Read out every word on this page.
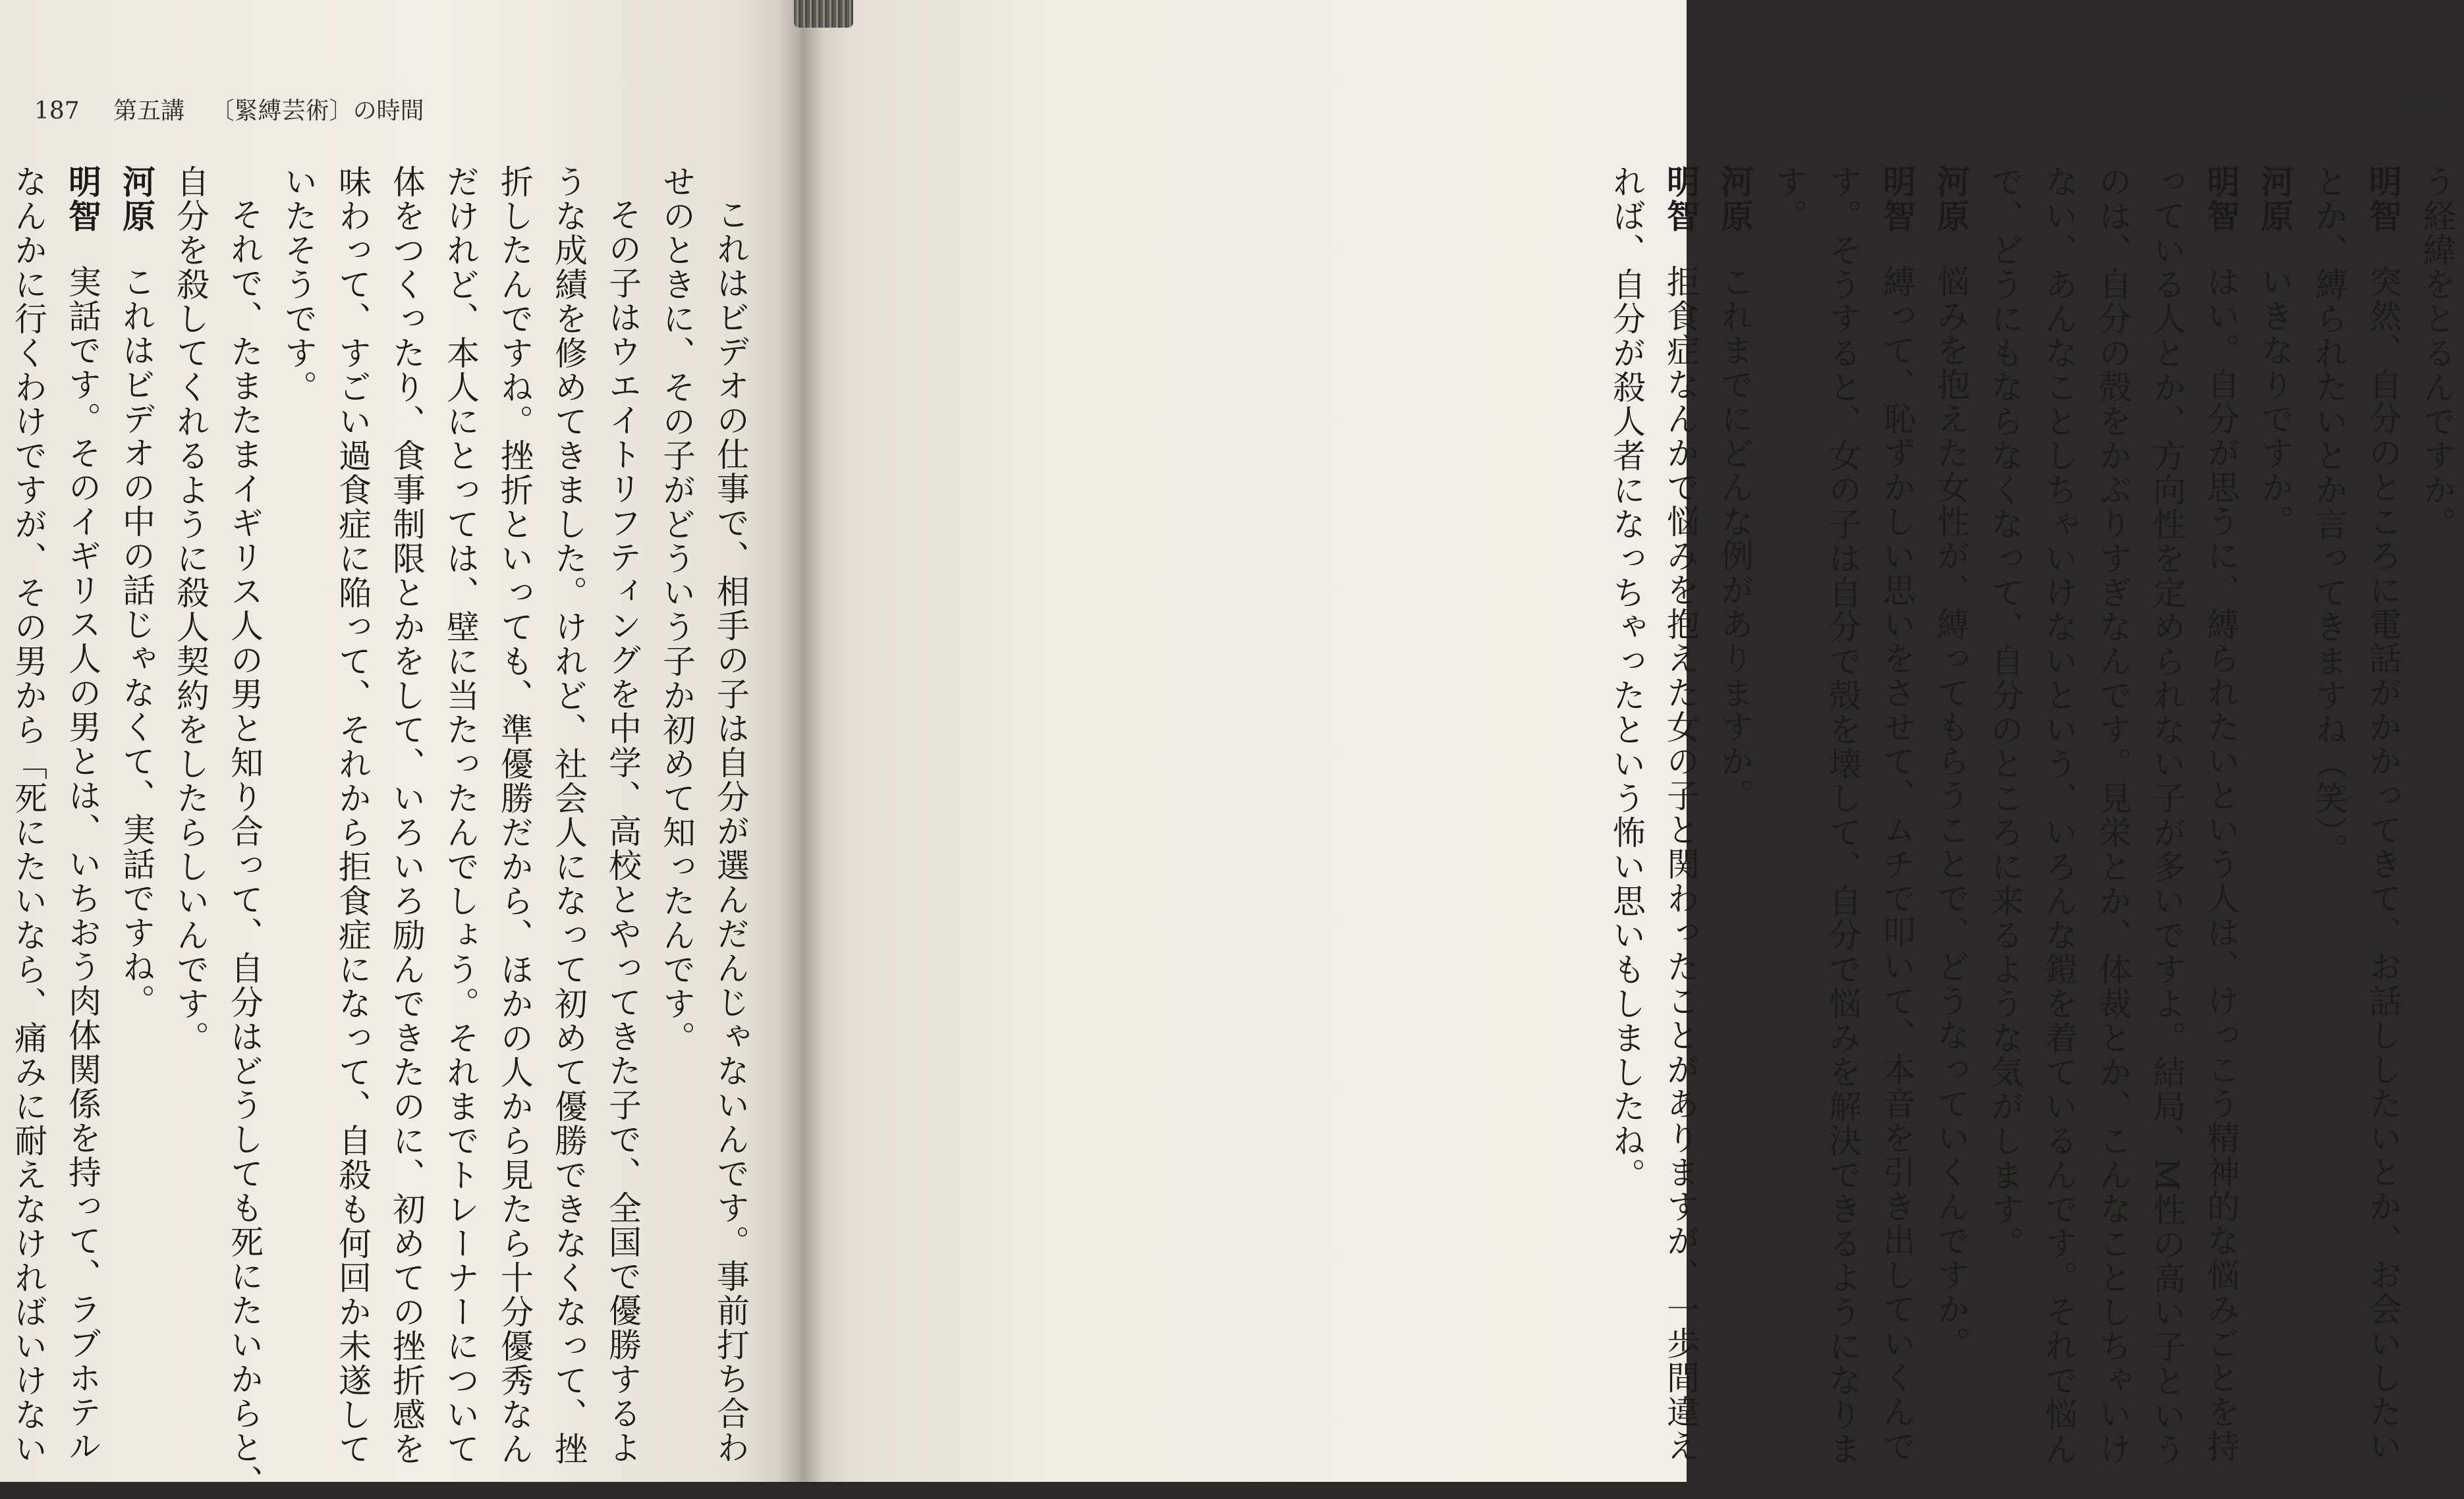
187 第五講 〔緊縛芸術〕の時間
これはビデオの仕事で、相手の子は自分が選んだんじゃないんです。事前打ち合わ
せのときに、その子がどういう子か初めて知ったんです。
その子はウエイトリフティングを中学、高校とやってきた子で、全国で優勝するよ
うな成績を修めてきました。けれど、社会人になって初めて優勝できなくなって、挫
折したんですね。挫折といっても、準優勝だから、ほかの人から見たら十分優秀なん
だけれど、本人にとっては、壁に当たったんでしょう。それまでトレーナーについて
体をつくったり、食事制限とかをして、いろいろ励んできたのに、初めての挫折感を
味わって、すごい過食症に陥って、それから拒食症になって、自殺も何回か未遂して
いたそうです。
それで、たまたまイギリス人の男と知り合って、自分はどうしても死にたいからと、
自分を殺してくれるように殺人契約をしたらしいんです。
河原これはビデオの中の話じゃなくて、実話ですね。
明智実話です。そのイギリス人の男とは、いちおう肉体関係を持って、ラブホテル
なんかに行くわけですが、その男から「死にたいなら、痛みに耐えなければいけない
186
う経緯をとるんですか。
明智突然、自分のところに電話がかかってきて、お話ししたいとか、お会いしたい
とか、縛られたいとか言ってきますね（笑）。
河原いきなりですか。
明智はい。自分が思うに、縛られたいという人は、けっこう精神的な悩みごとを持
っている人とか、方向性を定められない子が多いですよ。結局、M性の高い子という
のは、自分の殻をかぶりすぎなんです。見栄とか、体裁とか、こんなことしちゃいけ
ない、あんなことしちゃいけないという、いろんな鎧を着ているんです。それで悩ん
で、どうにもならなくなって、自分のところに来るような気がします。
河原悩みを抱えた女性が、縛ってもらうことで、どうなっていくんですか。
明智縛って、恥ずかしい思いをさせて、ムチで叩いて、本音を引き出していくんで
す。そうすると、女の子は自分で殻を壊して、自分で悩みを解決できるようになりま
す。
河原これまでにどんな例がありますか。
明智拒食症なんかで悩みを抱えた女の子と関わったことがありますが、一歩間違え
れば、自分が殺人者になっちゃったという怖い思いもしましたね。
